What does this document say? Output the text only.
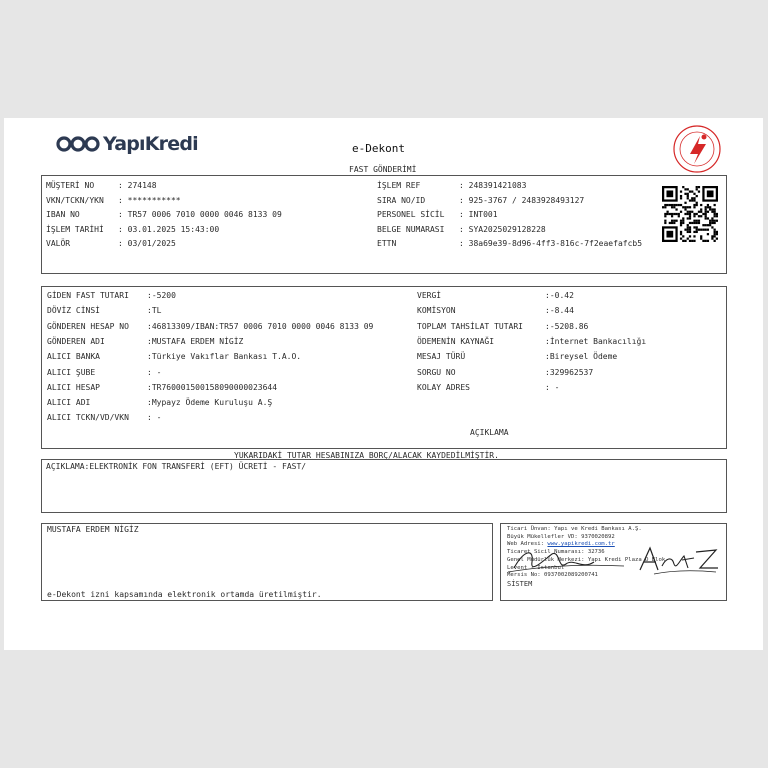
YapıKredi	e-Dekont
FAST GÖNDERİMİ
MÜŞTERİ NO	: 274148
VKN/TCKN/YKN	: ***********
IBAN NO	: TR57 0006 7010 0000 0046 8133 09
İŞLEM TARİHİ	: 03.01.2025 15:43:00
VALÖR	: 03/01/2025
İŞLEM REF	: 248391421083
SIRA NO/ID	: 925-3767 / 2483928493127
PERSONEL SİCİL	: INT001
BELGE NUMARASI	: SYA2025029128228
ETTN	: 38a69e39-8d96-4ff3-816c-7f2eaefafcb5
GİDEN FAST TUTARI	:-5200
DÖVİZ CİNSİ	:TL
GÖNDEREN HESAP NO	:46813309/IBAN:TR57 0006 7010 0000 0046 8133 09
GÖNDEREN ADI	:MUSTAFA ERDEM NİGİZ
ALICI BANKA	:Türkiye Vakıflar Bankası T.A.O.
ALICI ŞUBE	: -
ALICI HESAP	:TR760001500158090000023644
ALICI ADI	:Mypayz Ödeme Kuruluşu A.Ş
ALICI TCKN/VD/VKN	: -
VERGİ	:-0.42
KOMİSYON	:-8.44
TOPLAM TAHSİLAT TUTARI	:-5208.86
ÖDEMENİN KAYNAĞI	:İnternet Bankacılığı
MESAJ TÜRÜ	:Bireysel Ödeme
SORGU NO	:329962537
KOLAY ADRES	: -
AÇIKLAMA
YUKARIDAKİ TUTAR HESABINIZA BORÇ/ALACAK KAYDEDİLMİŞTİR.
AÇIKLAMA:ELEKTRONİK FON TRANSFERİ (EFT) ÜCRETİ - FAST/
MUSTAFA ERDEM NİGİZ
e-Dekont izni kapsamında elektronik ortamda üretilmiştir.
Ticari Ünvan: Yapı ve Kredi Bankası A.Ş.
Büyük Mükellefler VD: 9370020892
Web Adresi: www.yapikredi.com.tr
Ticaret Sicil Numarası: 32736
Genel Müdürlük Merkezi: Yapı Kredi Plaza D Blok
Levent - İstanbul
Mersis No: 0937002089200741
SİSTEM
